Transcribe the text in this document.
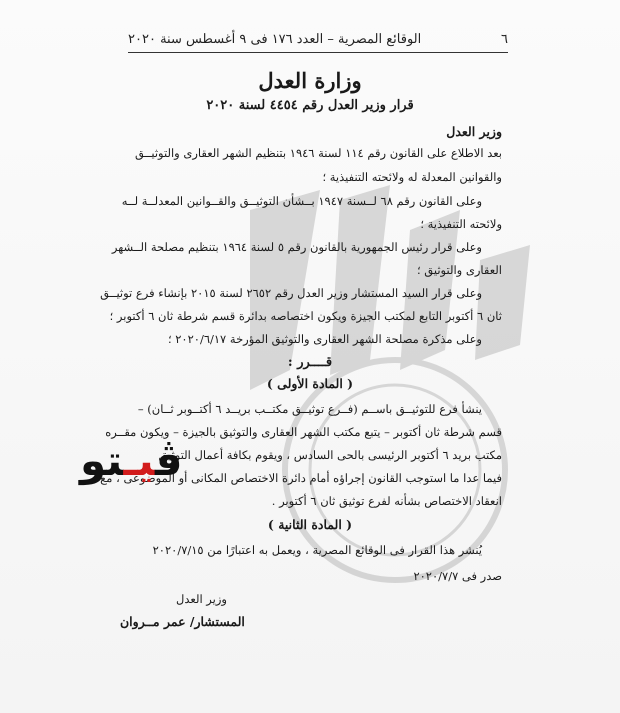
٦
الوقائع المصرية – العدد ١٧٦ فى ٩ أغسطس سنة ٢٠٢٠
وزارة العدل
قرار وزير العدل رقم ٤٤٥٤ لسنة ٢٠٢٠
وزير العدل
بعد الاطلاع على القانون رقم ١١٤ لسنة ١٩٤٦ بتنظيم الشهر العقارى والتوثيــق
والقوانين المعدلة له ولائحته التنفيذية ؛
وعلى القانون رقم ٦٨ لــسنة ١٩٤٧ بــشأن التوثيــق والقــوانين المعدلــة لــه
ولائحته التنفيذية ؛
وعلى قرار رئيس الجمهورية بالقانون رقم ٥ لسنة ١٩٦٤ بتنظيم مصلحة الــشهر
العقارى والتوثيق ؛
وعلى قرار السيد المستشار وزير العدل رقم ٢٦٥٢ لسنة ٢٠١٥ بإنشاء فرع توثيــق
ثان ٦ أكتوبر التابع لمكتب الجيزة ويكون اختصاصه بدائرة قسم شرطة ثان ٦ أكتوبر ؛
وعلى مذكرة مصلحة الشهر العقارى والتوثيق المؤرخة ٢٠٢٠/٦/١٧ ؛
قــــرر :
( المادة الأولى )
ينشأ فرع للتوثيــق باســم (فــرع توثيــق مكتــب بريــد ٦ أكتــوبر ثــان) –
قسم شرطة ثان أكتوبر – يتبع مكتب الشهر العقارى والتوثيق بالجيزة – ويكون مقــره
مكتب بريد ٦ أكتوبر الرئيسى بالحى السادس ، ويقوم بكافة أعمال التوثيق
فيما عدا ما استوجب القانون إجراؤه أمام دائرة الاختصاص المكانى أو الموضوعى ، مع
انعقاد الاختصاص بشأنه لفرع توثيق ثان ٦ أكتوبر .
( المادة الثانية )
يُنشر هذا القرار فى الوقائع المصرية ، ويعمل به اعتبارًا من ٢٠٢٠/٧/١٥
صدر فى ٢٠٢٠/٧/٧
وزير العدل
المستشار/ عمر مــروان
ڤيـتو
